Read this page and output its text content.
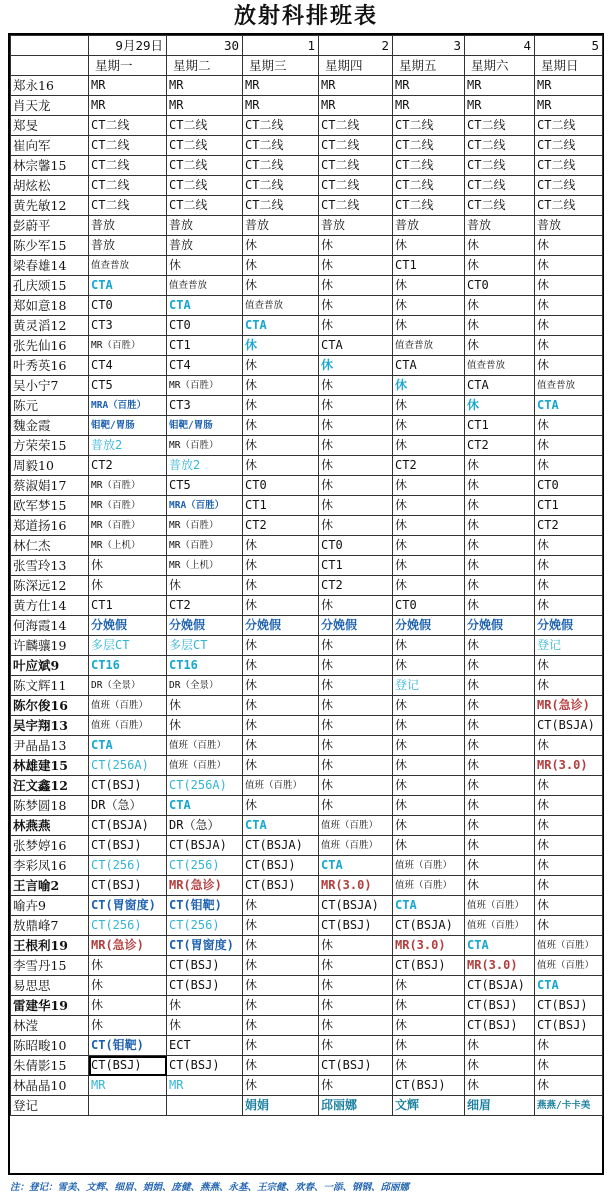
放射科排班表
	9月29日	30	1	2	3	4	5
	星期一	星期二	星期三	星期四	星期五	星期六	星期日
郑永16	MR	MR	MR	MR	MR	MR	MR
肖天龙	MR	MR	MR	MR	MR	MR	MR
郑旻	CT二线	CT二线	CT二线	CT二线	CT二线	CT二线	CT二线
崔向军	CT二线	CT二线	CT二线	CT二线	CT二线	CT二线	CT二线
林宗馨15	CT二线	CT二线	CT二线	CT二线	CT二线	CT二线	CT二线
胡炫松	CT二线	CT二线	CT二线	CT二线	CT二线	CT二线	CT二线
黄先敏12	CT二线	CT二线	CT二线	CT二线	CT二线	CT二线	CT二线
彭蔚平	普放	普放	普放	普放	普放	普放	普放
陈少军15	普放	普放	休	休	休	休	休
梁春雄14	值查普放	休	休	休	CT1	休	休
孔庆颂15	CTA	值查普放	休	休	休	CT0	休
郑如意18	CT0	CTA	值查普放	休	休	休	休
黄灵滔12	CT3	CT0	CTA	休	休	休	休
张先仙16	MR（百胜）	CT1	休	CTA	值查普放	休	休
叶秀英16	CT4	CT4	休	休	CTA	值查普放	休
吴小宁7	CT5	MR（百胜）	休	休	休	CTA	值查普放
陈元	MRA（百胜）	CT3	休	休	休	休	CTA
魏金霞	钼靶/胃肠	钼靶/胃肠	休	休	休	CT1	休
方荣荣15	普放2	MR（百胜）	休	休	休	CT2	休
周毅10	CT2	普放2	休	休	CT2	休	休
蔡淑娟17	MR（百胜）	CT5	CT0	休	休	休	CT0
欧军梦15	MR（百胜）	MRA（百胜）	CT1	休	休	休	CT1
郑道扬16	MR（百胜）	MR（百胜）	CT2	休	休	休	CT2
林仁杰	MR（上机）	MR（百胜）	休	CT0	休	休	休
张雪玲13	休	MR（上机）	休	CT1	休	休	休
陈深远12	休	休	休	CT2	休	休	休
黄方仕14	CT1	CT2	休	休	CT0	休	休
何海霞14	分娩假	分娩假	分娩假	分娩假	分娩假	分娩假	分娩假
许麟骧19	多层CT	多层CT	休	休	休	休	登记
叶应斌9	CT16	CT16	休	休	休	休	休
陈文辉11	DR（全景）	DR（全景）	休	休	登记	休	休
陈尔俊16	值班（百胜）	休	休	休	休	休	MR(急诊)
吴宇翔13	值班（百胜）	休	休	休	休	休	CT(BSJA)
尹晶晶13	CTA	值班（百胜）	休	休	休	休	休
林雄建15	CT(256A)	值班（百胜）	休	休	休	休	MR(3.0)
汪文鑫12	CT(BSJ)	CT(256A)	值班（百胜）	休	休	休	休
陈梦圆18	DR（急）	CTA	休	休	休	休	休
林燕燕	CT(BSJA)	DR（急）	CTA	值班（百胜）	休	休	休
张梦婷16	CT(BSJ)	CT(BSJA)	CT(BSJA)	值班（百胜）	休	休	休
李彩凤16	CT(256)	CT(256)	CT(BSJ)	CTA	值班（百胜）	休	休
王言喻2	CT(BSJ)	MR(急诊)	CT(BSJ)	MR(3.0)	值班（百胜）	休	休
喻卉9	CT(胃窗度)	CT(钼靶)	休	CT(BSJA)	CTA	值班（百胜）	休
敖鼎峰7	CT(256)	CT(256)	休	CT(BSJ)	CT(BSJA)	值班（百胜）	休
王根利19	MR(急诊)	CT(胃窗度)	休	休	MR(3.0)	CTA	值班（百胜）
李雪丹15	休	CT(BSJ)	休	休	CT(BSJ)	MR(3.0)	值班（百胜）
易思思	休	CT(BSJ)	休	休	休	CT(BSJA)	CTA
雷建华19	休	休	休	休	休	CT(BSJ)	CT(BSJ)
林滢	休	休	休	休	休	CT(BSJ)	CT(BSJ)
陈昭畯10	CT(钼靶)	ECT	休	休	休	休	休
朱倩影15	CT(BSJ)	CT(BSJ)	休	CT(BSJ)	休	休	休
林晶晶10	MR	MR	休	休	CT(BSJ)	休	休
登记			娟娟	邱丽娜	文辉	细眉	燕燕/卡卡美
注：登记：雪美、文辉、细眉、娟娟、庞健、燕燕、永基、王宗健、欢春、一添、钢钢、邱丽娜
